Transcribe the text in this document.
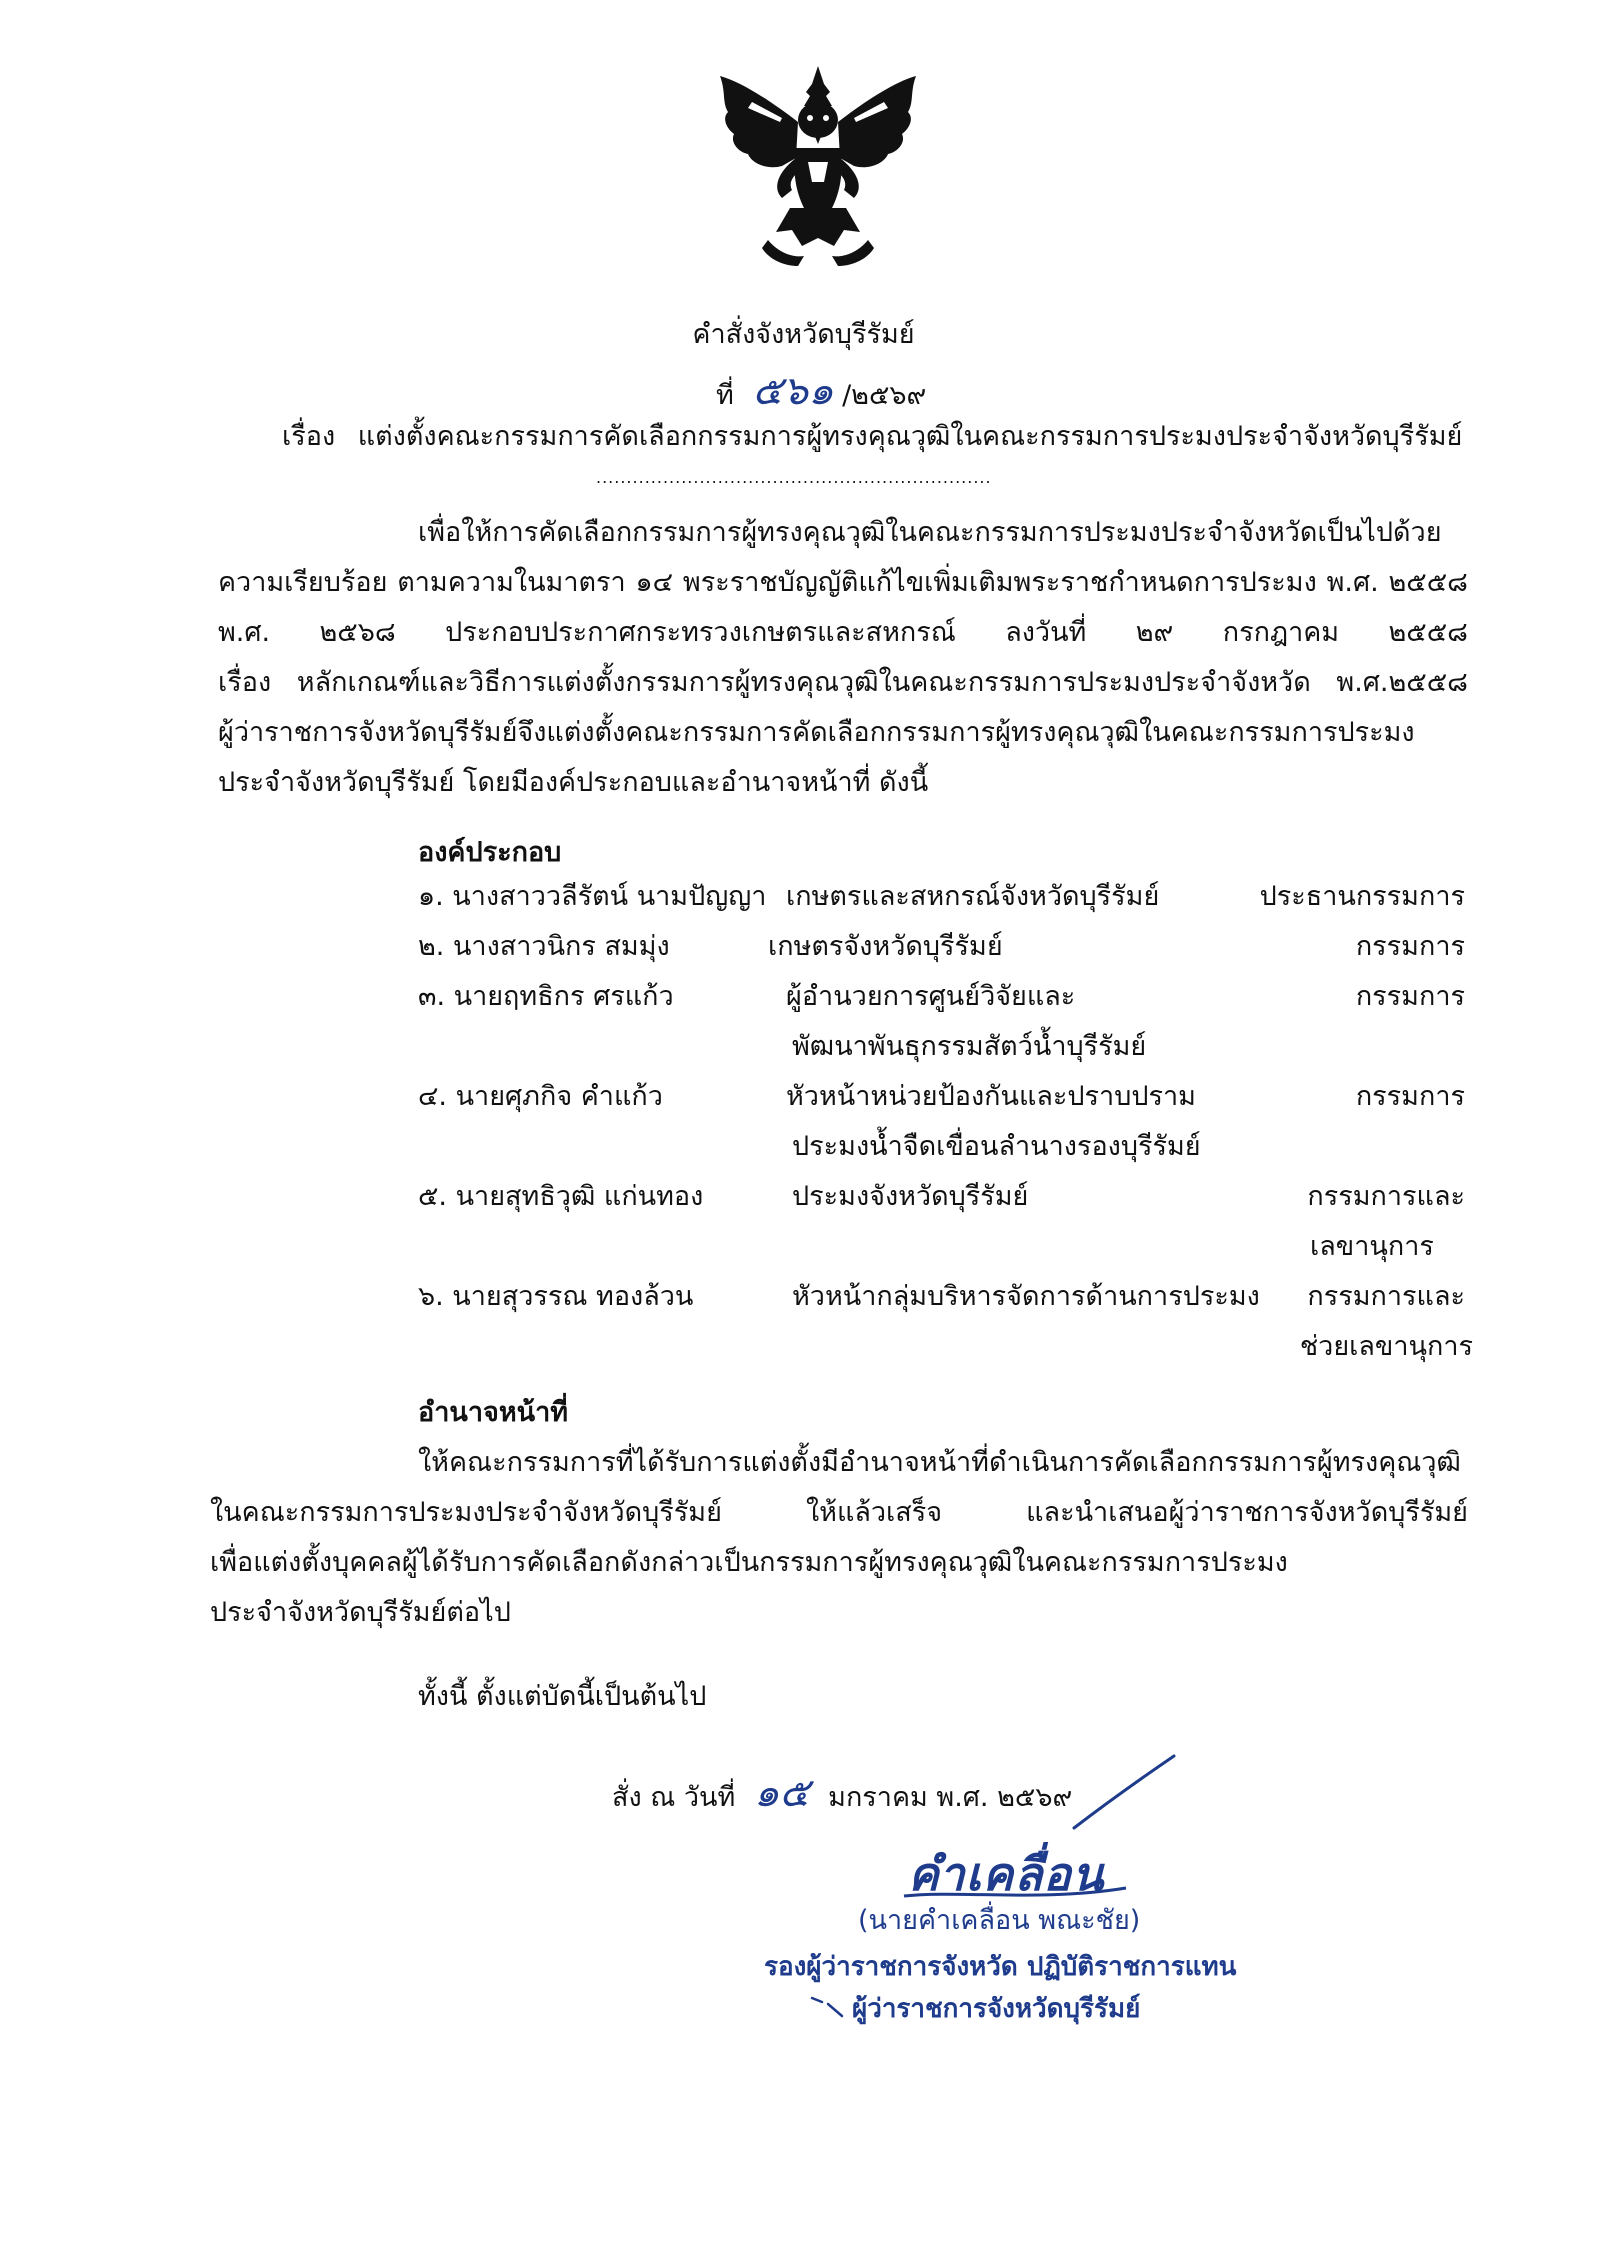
คำสั่งจังหวัดบุรีรัมย์
ที่ ๕๖๑ /๒๕๖๙
เรื่อง แต่งตั้งคณะกรรมการคัดเลือกกรรมการผู้ทรงคุณวุฒิในคณะกรรมการประมงประจำจังหวัดบุรีรัมย์
.................................................................
เพื่อให้การคัดเลือกกรรมการผู้ทรงคุณวุฒิในคณะกรรมการประมงประจำจังหวัดเป็นไปด้วย
ความเรียบร้อย ตามความในมาตรา ๑๔ พระราชบัญญัติแก้ไขเพิ่มเติมพระราชกำหนดการประมง พ.ศ. ๒๕๕๘
พ.ศ. ๒๕๖๘ ประกอบประกาศกระทรวงเกษตรและสหกรณ์ ลงวันที่ ๒๙ กรกฎาคม ๒๕๕๘
เรื่อง หลักเกณฑ์และวิธีการแต่งตั้งกรรมการผู้ทรงคุณวุฒิในคณะกรรมการประมงประจำจังหวัด พ.ศ.๒๕๕๘
ผู้ว่าราชการจังหวัดบุรีรัมย์จึงแต่งตั้งคณะกรรมการคัดเลือกกรรมการผู้ทรงคุณวุฒิในคณะกรรมการประมง
ประจำจังหวัดบุรีรัมย์ โดยมีองค์ประกอบและอำนาจหน้าที่ ดังนี้
องค์ประกอบ
๑. นางสาววลีรัตน์ นามปัญญา เกษตรและสหกรณ์จังหวัดบุรีรัมย์	ประธานกรรมการ
๒. นางสาวนิกร สมมุ่ง	เกษตรจังหวัดบุรีรัมย์	กรรมการ
๓. นายฤทธิกร ศรแก้ว	ผู้อำนวยการศูนย์วิจัยและ
พัฒนาพันธุกรรมสัตว์น้ำบุรีรัมย์
กรรมการ
๔. นายศุภกิจ คำแก้ว	หัวหน้าหน่วยป้องกันและปราบปราม
ประมงน้ำจืดเขื่อนลำนางรองบุรีรัมย์
กรรมการ
๕. นายสุทธิวุฒิ แก่นทอง	ประมงจังหวัดบุรีรัมย์	กรรมการและ
เลขานุการ
๖. นายสุวรรณ ทองล้วน	หัวหน้ากลุ่มบริหารจัดการด้านการประมง กรรมการและ
ช่วยเลขานุการ
อำนาจหน้าที่
ให้คณะกรรมการที่ได้รับการแต่งตั้งมีอำนาจหน้าที่ดำเนินการคัดเลือกกรรมการผู้ทรงคุณวุฒิ
ในคณะกรรมการประมงประจำจังหวัดบุรีรัมย์ ให้แล้วเสร็จ และนำเสนอผู้ว่าราชการจังหวัดบุรีรัมย์
เพื่อแต่งตั้งบุคคลผู้ได้รับการคัดเลือกดังกล่าวเป็นกรรมการผู้ทรงคุณวุฒิในคณะกรรมการประมง
ประจำจังหวัดบุรีรัมย์ต่อไป
ทั้งนี้ ตั้งแต่บัดนี้เป็นต้นไป
สั่ง ณ วันที่ ๑๕ มกราคม พ.ศ. ๒๕๖๙
คำเคลื่อน
(นายคำเคลื่อน พณะชัย)
รองผู้ว่าราชการจังหวัด ปฏิบัติราชการแทน
ผู้ว่าราชการจังหวัดบุรีรัมย์
